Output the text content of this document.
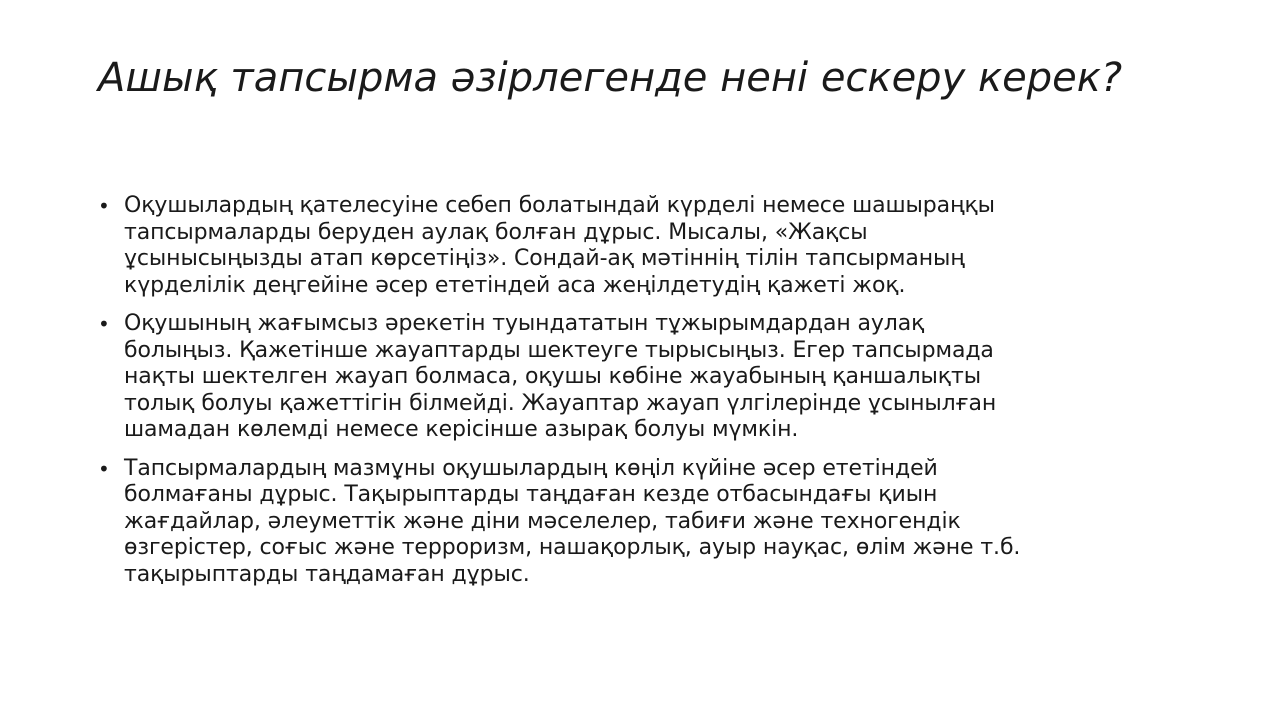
Ашық тапсырма әзірлегенде нені ескеру керек?
• Оқушылардың қателесуіне себеп болатындай күрделі немесе шашыраңқы
тапсырмаларды беруден аулақ болған дұрыс. Мысалы, «Жақсы
ұсынысыңызды атап көрсетіңіз». Сондай-ақ мәтіннің тілін тапсырманың
күрделілік деңгейіне әсер ететіндей аса жеңілдетудің қажеті жоқ.
• Оқушының жағымсыз әрекетін туындататын тұжырымдардан аулақ
болыңыз. Қажетінше жауаптарды шектеуге тырысыңыз. Егер тапсырмада
нақты шектелген жауап болмаса, оқушы көбіне жауабының қаншалықты
толық болуы қажеттігін білмейді. Жауаптар жауап үлгілерінде ұсынылған
шамадан көлемді немесе керісінше азырақ болуы мүмкін.
• Тапсырмалардың мазмұны оқушылардың көңіл күйіне әсер ететіндей
болмағаны дұрыс. Тақырыптарды таңдаған кезде отбасындағы қиын
жағдайлар, әлеуметтік және діни мәселелер, табиғи және техногендік
өзгерістер, соғыс және терроризм, нашақорлық, ауыр науқас, өлім және т.б.
тақырыптарды таңдамаған дұрыс.
